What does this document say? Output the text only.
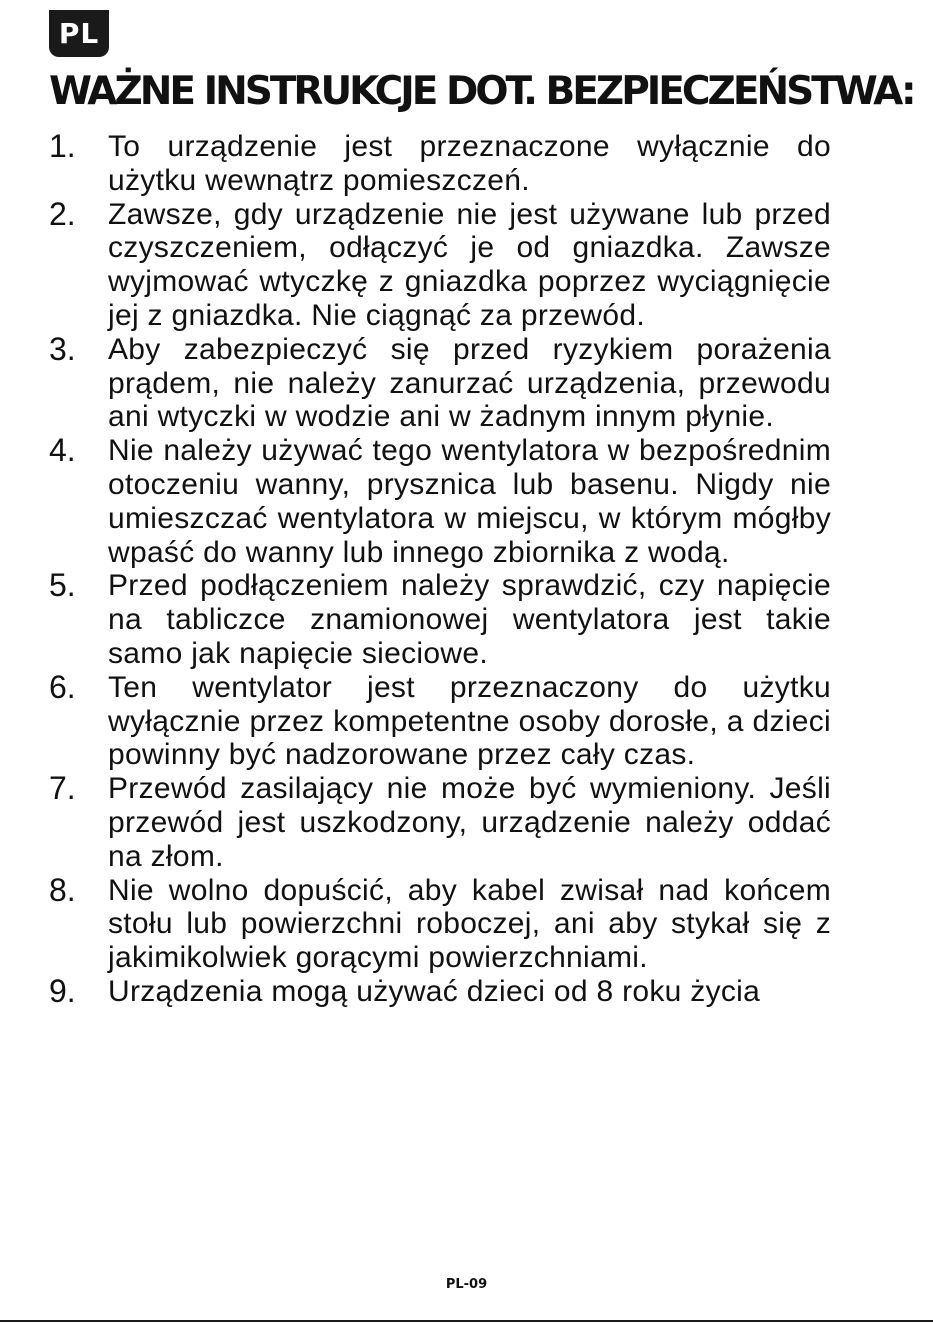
PL
WAŻNE INSTRUKCJE DOT. BEZPIECZEŃSTWA:
1. To urządzenie jest przeznaczone wyłącznie do użytku wewnątrz pomieszczeń.
2. Zawsze, gdy urządzenie nie jest używane lub przed czyszczeniem, odłączyć je od gniazdka. Zawsze wyjmować wtyczkę z gniazdka poprzez wyciągnięcie jej z gniazdka. Nie ciągnąć za przewód.
3. Aby zabezpieczyć się przed ryzykiem porażenia prądem, nie należy zanurzać urządzenia, przewodu ani wtyczki w wodzie ani w żadnym innym płynie.
4. Nie należy używać tego wentylatora w bezpośrednim otoczeniu wanny, prysznica lub basenu. Nigdy nie umieszczać wentylatora w miejscu, w którym mógłby wpaść do wanny lub innego zbiornika z wodą.
5. Przed podłączeniem należy sprawdzić, czy napięcie na tabliczce znamionowej wentylatora jest takie samo jak napięcie sieciowe.
6. Ten wentylator jest przeznaczony do użytku wyłącznie przez kompetentne osoby dorosłe, a dzieci powinny być nadzorowane przez cały czas.
7. Przewód zasilający nie może być wymieniony. Jeśli przewód jest uszkodzony, urządzenie należy oddać na złom.
8. Nie wolno dopuścić, aby kabel zwisał nad końcem stołu lub powierzchni roboczej, ani aby stykał się z jakimikolwiek gorącymi powierzchniami.
9. Urządzenia mogą używać dzieci od 8 roku życia
PL-09
